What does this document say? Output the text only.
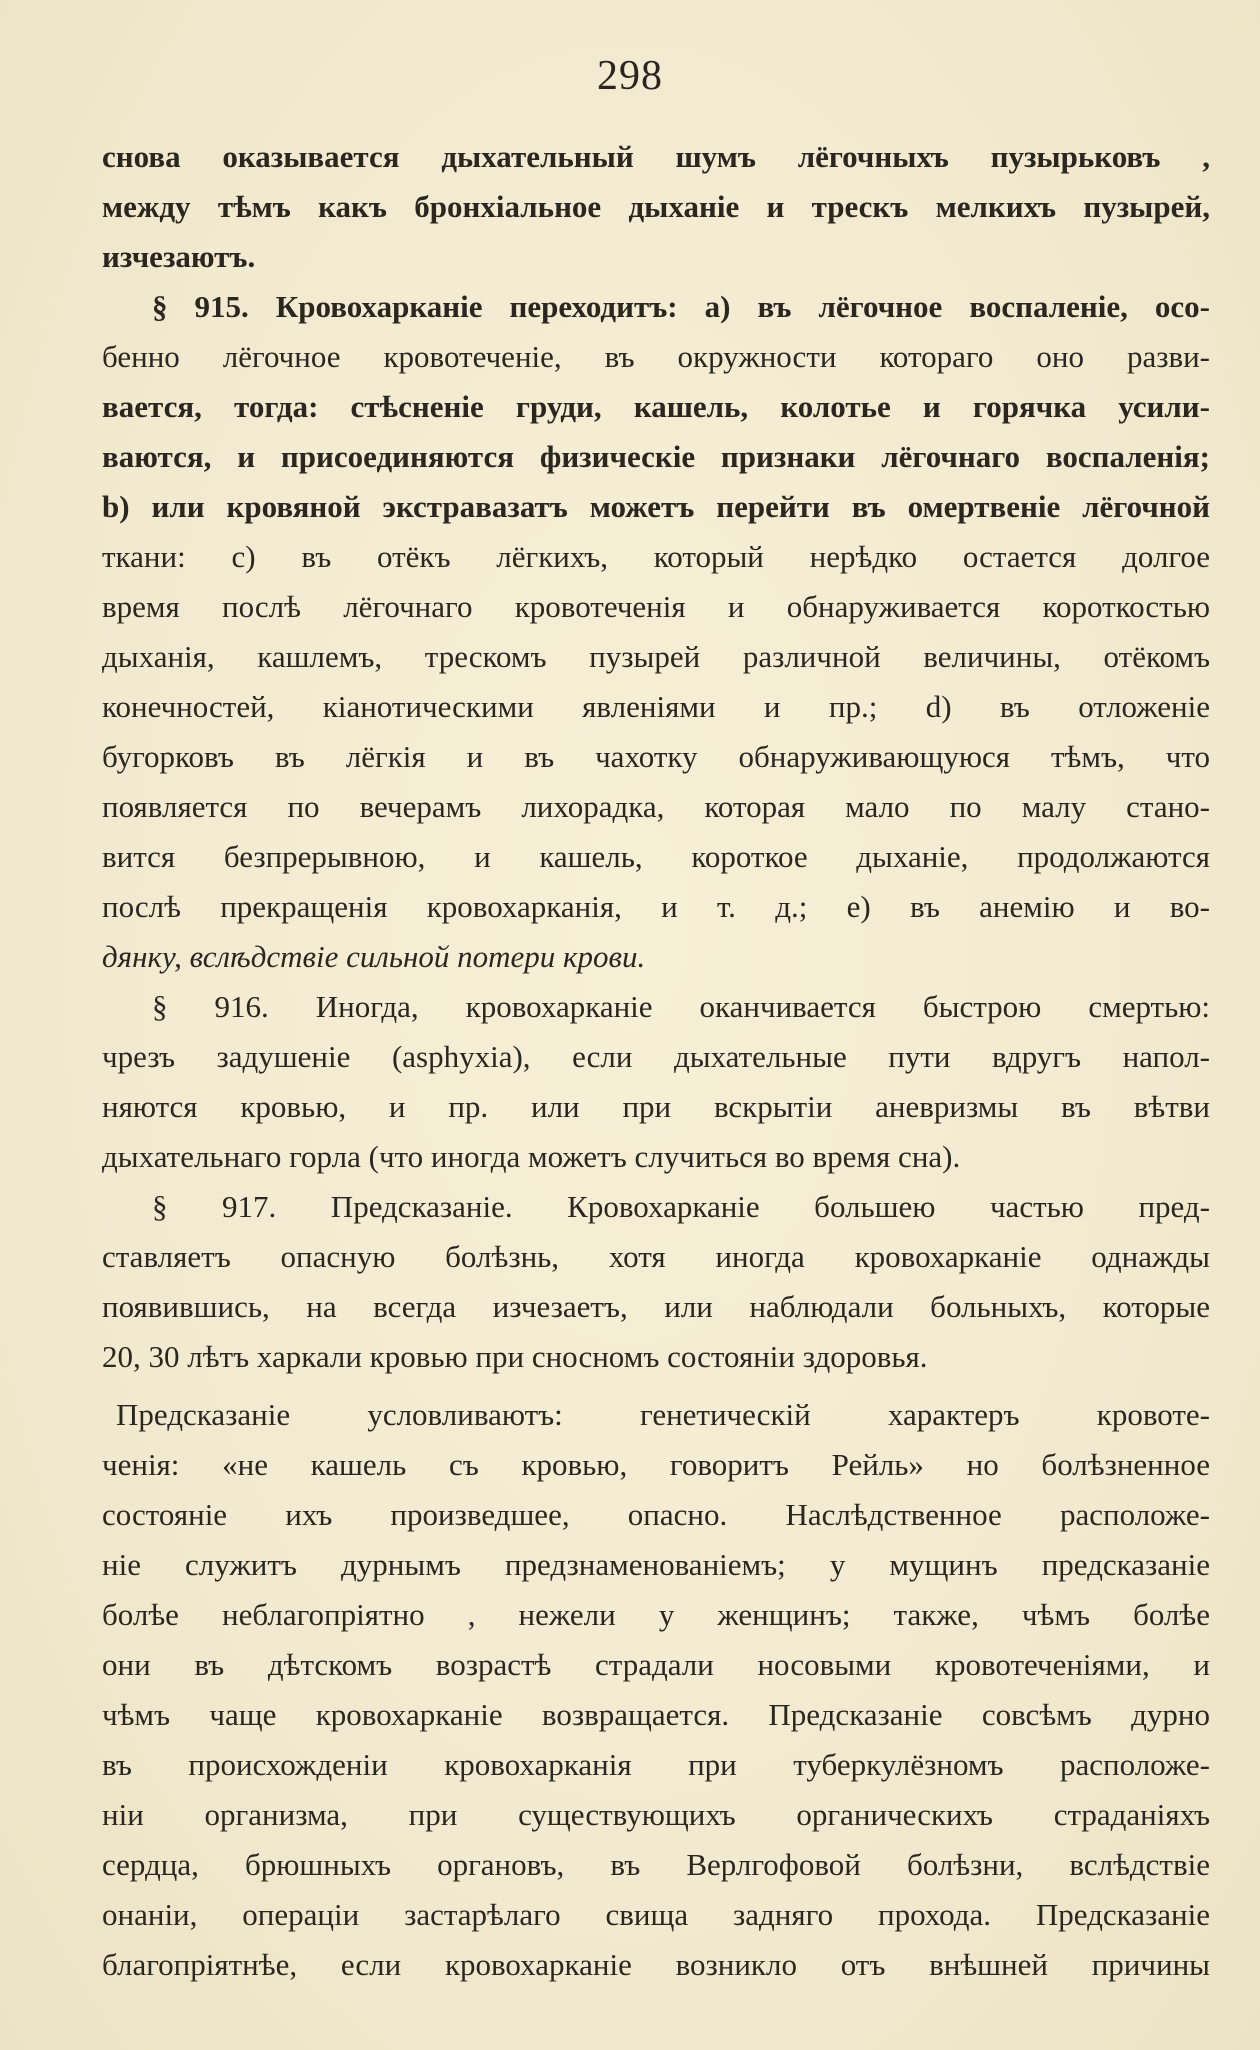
298
снова оказывается дыхательный шумъ лёгочныхъ пузырьковъ ,
между тѣмъ какъ бронхіальное дыханіе и трескъ мелкихъ пузырей,
изчезаютъ.
§ 915. Кровохарканіе переходитъ: a) въ лёгочное воспаленіе, осо-
бенно лёгочное кровотеченіе, въ окружности котораго оно разви-
вается, тогда: стѣсненіе груди, кашель, колотье и горячка усили-
ваются, и присоединяются физическіе признаки лёгочнаго воспаленія;
b) или кровяной экстравазатъ можетъ перейти въ омертвеніе лёгочной
ткани: c) въ отёкъ лёгкихъ, который нерѣдко остается долгое
время послѣ лёгочнаго кровотеченія и обнаруживается короткостью
дыханія, кашлемъ, трескомъ пузырей различной величины, отёкомъ
конечностей, кіанотическими явленіями и пр.; d) въ отложеніе
бугорковъ въ лёгкія и въ чахотку обнаруживающуюся тѣмъ, что
появляется по вечерамъ лихорадка, которая мало по малу стано-
вится безпрерывною, и кашель, короткое дыханіе, продолжаются
послѣ прекращенія кровохарканія, и т. д.; e) въ анемію и во-
дянку, вслѣдствіе сильной потери крови.
§ 916. Иногда, кровохарканіе оканчивается быстрою смертью:
чрезъ задушеніе (asphyxia), если дыхательные пути вдругъ напол-
няются кровью, и пр. или при вскрытіи аневризмы въ вѣтви
дыхательнаго горла (что иногда можетъ случиться во время сна).
§ 917. Предсказаніе. Кровохарканіе большею частью пред-
ставляетъ опасную болѣзнь, хотя иногда кровохарканіе однажды
появившись, на всегда изчезаетъ, или наблюдали больныхъ, которые
20, 30 лѣтъ харкали кровью при сносномъ состояніи здоровья.
Предсказаніе условливаютъ: генетическій характеръ кровоте-
ченія: «не кашель съ кровью, говоритъ Рейль» но болѣзненное
состояніе ихъ произведшее, опасно. Наслѣдственное расположе-
ніе служитъ дурнымъ предзнаменованіемъ; у мущинъ предсказаніе
болѣе неблагопріятно , нежели у женщинъ; также, чѣмъ болѣе
они въ дѣтскомъ возрастѣ страдали носовыми кровотеченіями, и
чѣмъ чаще кровохарканіе возвращается. Предсказаніе совсѣмъ дурно
въ происхожденіи кровохарканія при туберкулёзномъ расположе-
ніи организма, при существующихъ органическихъ страданіяхъ
сердца, брюшныхъ органовъ, въ Верлгофовой болѣзни, вслѣдствіе
онаніи, операціи застарѣлаго свища задняго прохода. Предсказаніе
благопріятнѣе, если кровохарканіе возникло отъ внѣшней причины
